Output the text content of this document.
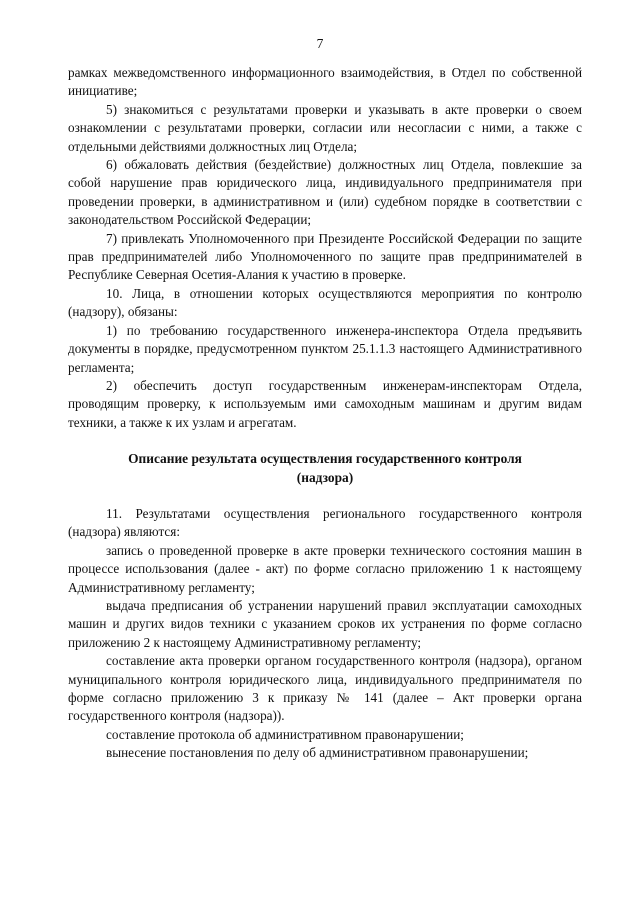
7

рамках межведомственного информационного взаимодействия, в Отдел по собственной инициативе;

5) знакомиться с результатами проверки и указывать в акте проверки о своем ознакомлении с результатами проверки, согласии или несогласии с ними, а также с отдельными действиями должностных лиц Отдела;

6) обжаловать действия (бездействие) должностных лиц Отдела, повлекшие за собой нарушение прав юридического лица, индивидуального предпринимателя при проведении проверки, в административном и (или) судебном порядке в соответствии с законодательством Российской Федерации;

7) привлекать Уполномоченного при Президенте Российской Федерации по защите прав предпринимателей либо Уполномоченного по защите прав предпринимателей в Республике Северная Осетия-Алания к участию в проверке.

10. Лица, в отношении которых осуществляются мероприятия по контролю (надзору), обязаны:

1) по требованию государственного инженера-инспектора Отдела предъявить документы в порядке, предусмотренном пунктом 25.1.1.3 настоящего Административного регламента;

2) обеспечить доступ государственным инженерам-инспекторам Отдела, проводящим проверку, к используемым ими самоходным машинам и другим видам техники, а также к их узлам и агрегатам.

Описание результата осуществления государственного контроля (надзора)

11. Результатами осуществления регионального государственного контроля (надзора) являются:

запись о проведенной проверке в акте проверки технического состояния машин в процессе использования (далее - акт) по форме согласно приложению 1 к настоящему Административному регламенту;

выдача предписания об устранении нарушений правил эксплуатации самоходных машин и других видов техники с указанием сроков их устранения по форме согласно приложению 2 к настоящему Административному регламенту;

составление акта проверки органом государственного контроля (надзора), органом муниципального контроля юридического лица, индивидуального предпринимателя по форме согласно приложению 3 к приказу № 141 (далее – Акт проверки органа государственного контроля (надзора)).

составление протокола об административном правонарушении;

вынесение постановления по делу об административном правонарушении;
